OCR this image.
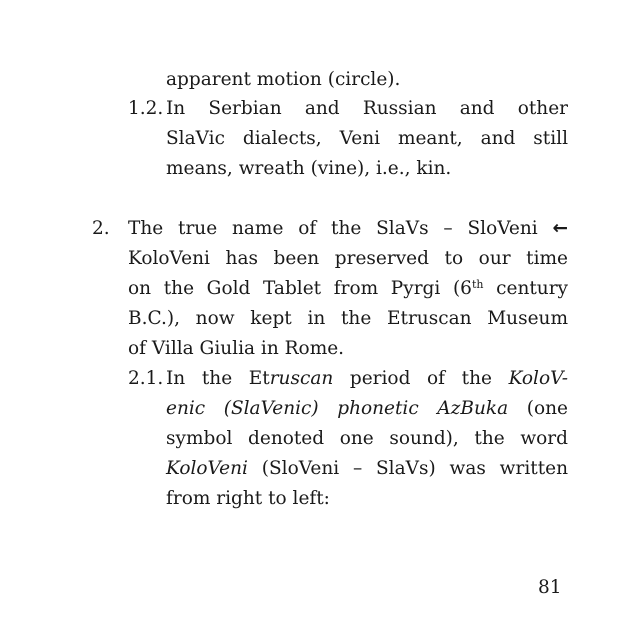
apparent motion (circle).
1.2. In Serbian and Russian and other
SlaVic dialects, Veni meant, and still
means, wreath (vine), i.e., kin.
2. The true name of the SlaVs – SloVeni ←
KoloVeni has been preserved to our time
on the Gold Tablet from Pyrgi (6th century
B.C.), now kept in the Etruscan Museum
of Villa Giulia in Rome.
2.1. In the Etruscan period of the KoloV-
enic (SlaVenic) phonetic AzBuka (one
symbol denoted one sound), the word
KoloVeni (SloVeni – SlaVs) was written
from right to left:
81
